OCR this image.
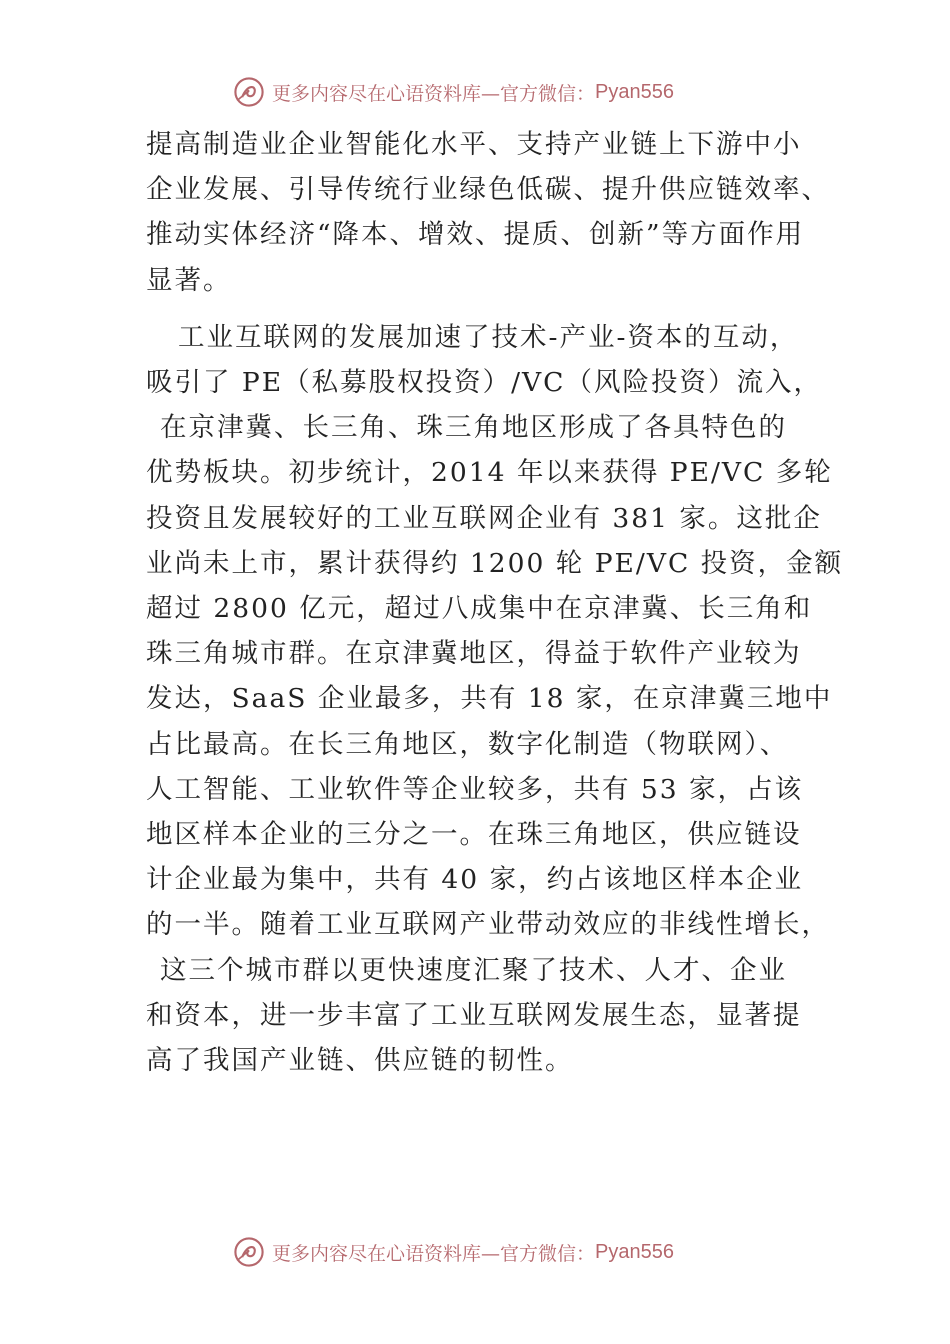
更多内容尽在心语资料库—官方微信： Pyan556

提高制造业企业智能化水平、支持产业链上下游中小
企业发展、引导传统行业绿色低碳、提升供应链效率、
推动实体经济“降本、增效、提质、创新”等方面作用
显著。

工业互联网的发展加速了技术-产业-资本的互动，
吸引了 PE（私募股权投资）/VC（风险投资）流入，
在京津冀、长三角、珠三角地区形成了各具特色的
优势板块。初步统计，2014 年以来获得 PE/VC 多轮
投资且发展较好的工业互联网企业有 381 家。这批企
业尚未上市，累计获得约 1200 轮 PE/VC 投资，金额
超过 2800 亿元，超过八成集中在京津冀、长三角和
珠三角城市群。在京津冀地区，得益于软件产业较为
发达，SaaS 企业最多，共有 18 家，在京津冀三地中
占比最高。在长三角地区，数字化制造（物联网）、
人工智能、工业软件等企业较多，共有 53 家，占该
地区样本企业的三分之一。在珠三角地区，供应链设
计企业最为集中，共有 40 家，约占该地区样本企业
的一半。随着工业互联网产业带动效应的非线性增长，
这三个城市群以更快速度汇聚了技术、人才、企业
和资本，进一步丰富了工业互联网发展生态，显著提
高了我国产业链、供应链的韧性。

更多内容尽在心语资料库—官方微信： Pyan556
